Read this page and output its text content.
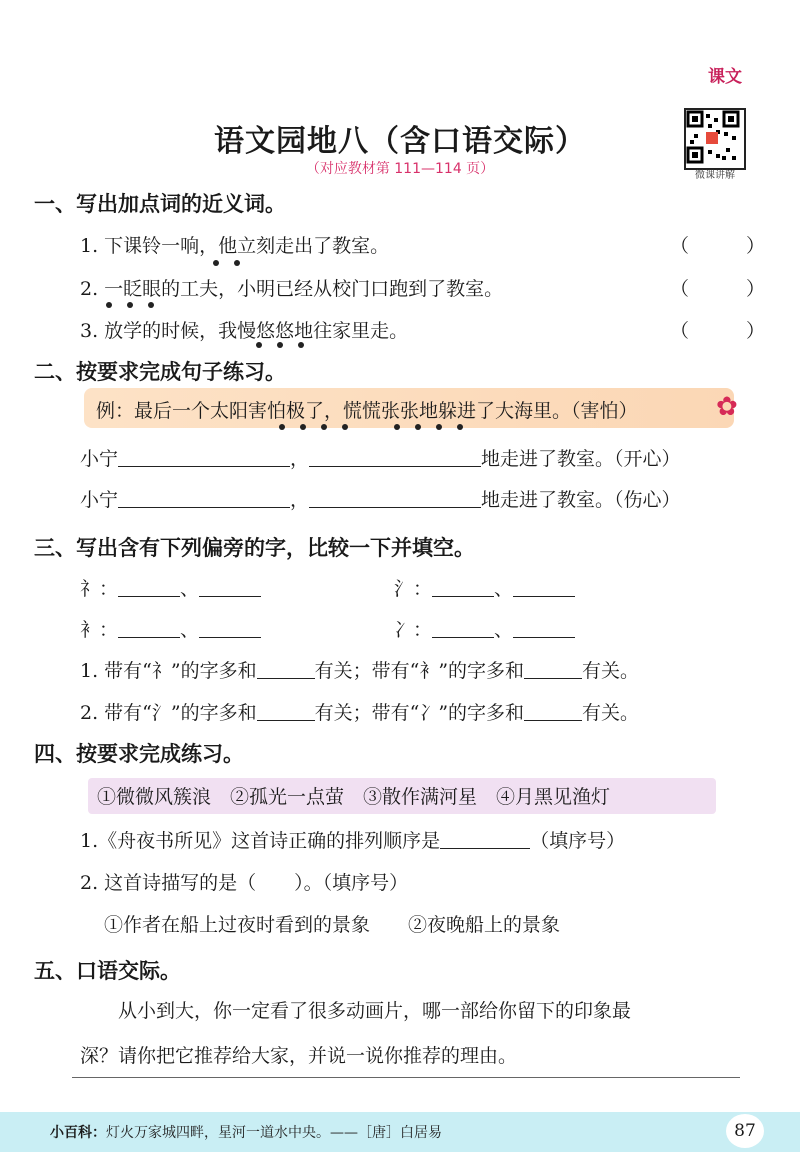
课文
语文园地八（含口语交际）
（对应教材第 111—114 页）	微课讲解
一、写出加点词的近义词。
1. 下课铃一响，他立刻走出了教室。	（　　　）
2. 一眨眼的工夫，小明已经从校门口跑到了教室。	（　　　）
3. 放学的时候，我慢悠悠地往家里走。	（　　　）
二、按要求完成句子练习。
例：最后一个太阳害怕极了，慌慌张张地躲进了大海里。（害怕）	✿
小宁	，	地走进了教室。（开心）
小宁	，	地走进了教室。（伤心）
三、写出含有下列偏旁的字，比较一下并填空。
礻：	、	氵：	、
衤：	、	冫：	、
1. 带有“礻”的字多和	有关；带有“衤”的字多和	有关。
2. 带有“氵”的字多和	有关；带有“冫”的字多和	有关。
四、按要求完成练习。
①微微风簇浪　②孤光一点萤　③散作满河星　④月黑见渔灯
1.《舟夜书所见》这首诗正确的排列顺序是	（填序号）
2. 这首诗描写的是（　　）。（填序号）
①作者在船上过夜时看到的景象　　②夜晚船上的景象
五、口语交际。
从小到大，你一定看了很多动画片，哪一部给你留下的印象最
深？请你把它推荐给大家，并说一说你推荐的理由。
小百科：灯火万家城四畔，星河一道水中央。——［唐］白居易	87
